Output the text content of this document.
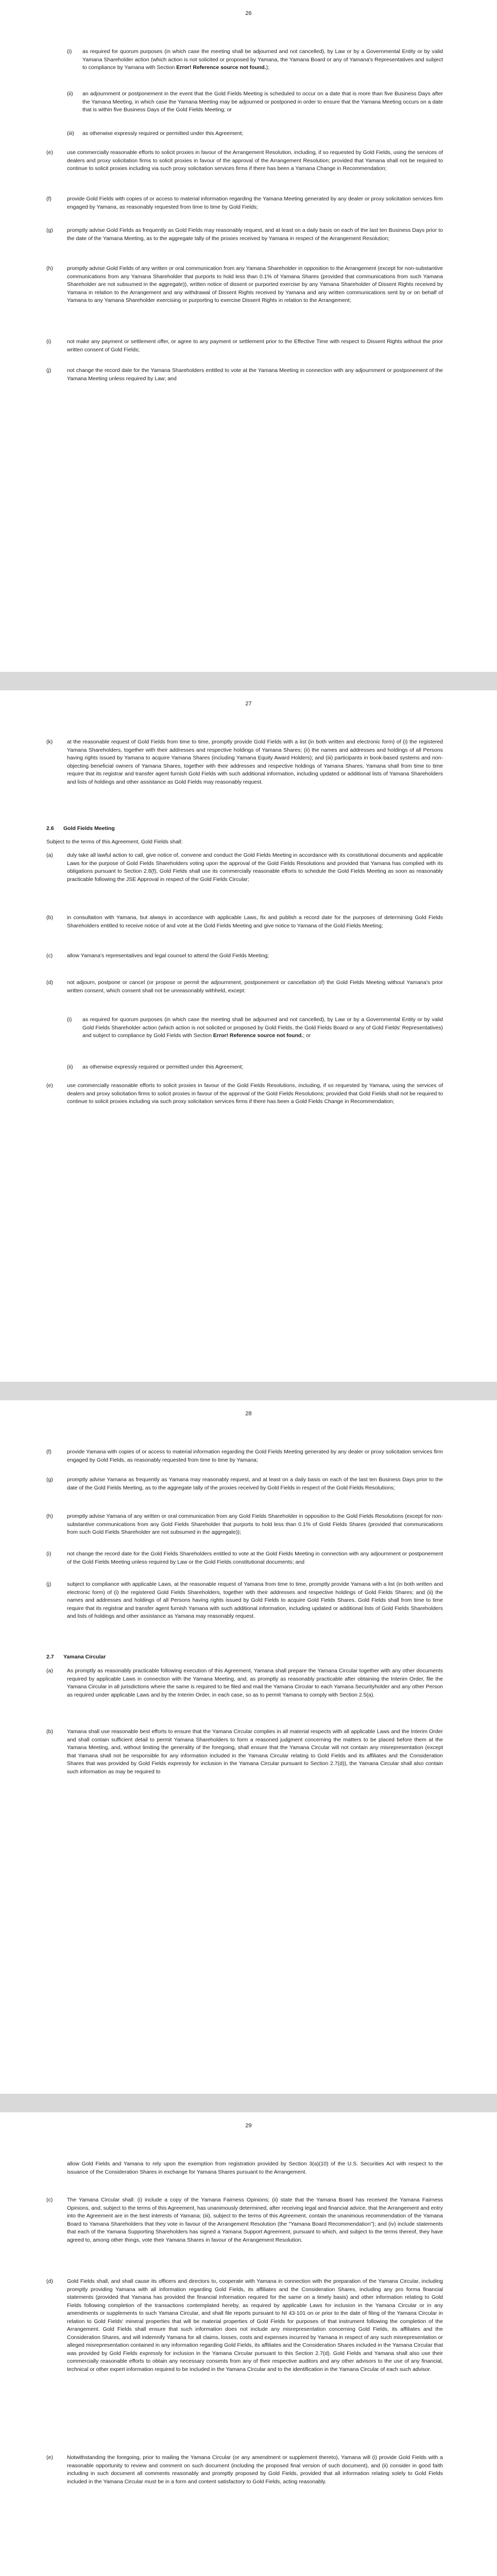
26
(i) as required for quorum purposes (in which case the meeting shall be adjourned and not cancelled), by Law or by a Governmental Entity or by valid Yamana Shareholder action (which action is not solicited or proposed by Yamana, the Yamana Board or any of Yamana's Representatives and subject to compliance by Yamana with Section Error! Reference source not found.);
(ii) an adjournment or postponement in the event that the Gold Fields Meeting is scheduled to occur on a date that is more than five Business Days after the Yamana Meeting, in which case the Yamana Meeting may be adjourned or postponed in order to ensure that the Yamana Meeting occurs on a date that is within five Business Days of the Gold Fields Meeting; or
(iii) as otherwise expressly required or permitted under this Agreement;
(e)	use commercially reasonable efforts to solicit proxies in favour of the Arrangement Resolution, including, if so requested by Gold Fields, using the services of dealers and proxy solicitation firms to solicit proxies in favour of the approval of the Arrangement Resolution; provided that Yamana shall not be required to continue to solicit proxies including via such proxy solicitation services firms if there has been a Yamana Change in Recommendation;
(f)	provide Gold Fields with copies of or access to material information regarding the Yamana Meeting generated by any dealer or proxy solicitation services firm engaged by Yamana, as reasonably requested from time to time by Gold Fields;
(g)	promptly advise Gold Fields as frequently as Gold Fields may reasonably request, and at least on a daily basis on each of the last ten Business Days prior to the date of the Yamana Meeting, as to the aggregate tally of the proxies received by Yamana in respect of the Arrangement Resolution;
(h)	promptly advise Gold Fields of any written or oral communication from any Yamana Shareholder in opposition to the Arrangement (except for non-substantive communications from any Yamana Shareholder that purports to hold less than 0.1% of Yamana Shares (provided that communications from such Yamana Shareholder are not subsumed in the aggregate)), written notice of dissent or purported exercise by any Yamana Shareholder of Dissent Rights received by Yamana in relation to the Arrangement and any withdrawal of Dissent Rights received by Yamana and any written communications sent by or on behalf of Yamana to any Yamana Shareholder exercising or purporting to exercise Dissent Rights in relation to the Arrangement;
(i)	not make any payment or settlement offer, or agree to any payment or settlement prior to the Effective Time with respect to Dissent Rights without the prior written consent of Gold Fields;
(j)	not change the record date for the Yamana Shareholders entitled to vote at the Yamana Meeting in connection with any adjournment or postponement of the Yamana Meeting unless required by Law; and
27
(k)	at the reasonable request of Gold Fields from time to time, promptly provide Gold Fields with a list (in both written and electronic form) of (i) the registered Yamana Shareholders, together with their addresses and respective holdings of Yamana Shares; (ii) the names and addresses and holdings of all Persons having rights issued by Yamana to acquire Yamana Shares (including Yamana Equity Award Holders); and (iii) participants in book-based systems and non-objecting beneficial owners of Yamana Shares, together with their addresses and respective holdings of Yamana Shares. Yamana shall from time to time require that its registrar and transfer agent furnish Gold Fields with such additional information, including updated or additional lists of Yamana Shareholders and lists of holdings and other assistance as Gold Fields may reasonably request.
2.6 Gold Fields Meeting
Subject to the terms of this Agreement, Gold Fields shall:
(a)	duly take all lawful action to call, give notice of, convene and conduct the Gold Fields Meeting in accordance with its constitutional documents and applicable Laws for the purpose of Gold Fields Shareholders voting upon the approval of the Gold Fields Resolutions and provided that Yamana has complied with its obligations pursuant to Section 2.8(f), Gold Fields shall use its commercially reasonable efforts to schedule the Gold Fields Meeting as soon as reasonably practicable following the JSE Approval in respect of the Gold Fields Circular;
(b)	in consultation with Yamana, but always in accordance with applicable Laws, fix and publish a record date for the purposes of determining Gold Fields Shareholders entitled to receive notice of and vote at the Gold Fields Meeting and give notice to Yamana of the Gold Fields Meeting;
(c)	allow Yamana's representatives and legal counsel to attend the Gold Fields Meeting;
(d)	not adjourn, postpone or cancel (or propose or permit the adjournment, postponement or cancellation of) the Gold Fields Meeting without Yamana's prior written consent, which consent shall not be unreasonably withheld, except:
(i) as required for quorum purposes (in which case the meeting shall be adjourned and not cancelled), by Law or by a Governmental Entity or by valid Gold Fields Shareholder action (which action is not solicited or proposed by Gold Fields, the Gold Fields Board or any of Gold Fields' Representatives) and subject to compliance by Gold Fields with Section Error! Reference source not found.; or
(ii) as otherwise expressly required or permitted under this Agreement;
(e)	use commercially reasonable efforts to solicit proxies in favour of the Gold Fields Resolutions, including, if so requested by Yamana, using the services of dealers and proxy solicitation firms to solicit proxies in favour of the approval of the Gold Fields Resolutions; provided that Gold Fields shall not be required to continue to solicit proxies including via such proxy solicitation services firms if there has been a Gold Fields Change in Recommendation;
28
(f)	provide Yamana with copies of or access to material information regarding the Gold Fields Meeting generated by any dealer or proxy solicitation services firm engaged by Gold Fields, as reasonably requested from time to time by Yamana;
(g)	promptly advise Yamana as frequently as Yamana may reasonably request, and at least on a daily basis on each of the last ten Business Days prior to the date of the Gold Fields Meeting, as to the aggregate tally of the proxies received by Gold Fields in respect of the Gold Fields Resolutions;
(h)	promptly advise Yamana of any written or oral communication from any Gold Fields Shareholder in opposition to the Gold Fields Resolutions (except for non-substantive communications from any Gold Fields Shareholder that purports to hold less than 0.1% of Gold Fields Shares (provided that communications from such Gold Fields Shareholder are not subsumed in the aggregate));
(i)	not change the record date for the Gold Fields Shareholders entitled to vote at the Gold Fields Meeting in connection with any adjournment or postponement of the Gold Fields Meeting unless required by Law or the Gold Fields constitutional documents; and
(j)	subject to compliance with applicable Laws, at the reasonable request of Yamana from time to time, promptly provide Yamana with a list (in both written and electronic form) of (i) the registered Gold Fields Shareholders, together with their addresses and respective holdings of Gold Fields Shares; and (ii) the names and addresses and holdings of all Persons having rights issued by Gold Fields to acquire Gold Fields Shares. Gold Fields shall from time to time require that its registrar and transfer agent furnish Yamana with such additional information, including updated or additional lists of Gold Fields Shareholders and lists of holdings and other assistance as Yamana may reasonably request.
2.7 Yamana Circular
(a)	As promptly as reasonably practicable following execution of this Agreement, Yamana shall prepare the Yamana Circular together with any other documents required by applicable Laws in connection with the Yamana Meeting, and, as promptly as reasonably practicable after obtaining the Interim Order, file the Yamana Circular in all jurisdictions where the same is required to be filed and mail the Yamana Circular to each Yamana Securityholder and any other Person as required under applicable Laws and by the Interim Order, in each case, so as to permit Yamana to comply with Section 2.5(a).
(b)	Yamana shall use reasonable best efforts to ensure that the Yamana Circular complies in all material respects with all applicable Laws and the Interim Order and shall contain sufficient detail to permit Yamana Shareholders to form a reasoned judgment concerning the matters to be placed before them at the Yamana Meeting, and, without limiting the generality of the foregoing, shall ensure that the Yamana Circular will not contain any misrepresentation (except that Yamana shall not be responsible for any information included in the Yamana Circular relating to Gold Fields and its affiliates and the Consideration Shares that was provided by Gold Fields expressly for inclusion in the Yamana Circular pursuant to Section 2.7(d)), the Yamana Circular shall also contain such information as may be required to
29
allow Gold Fields and Yamana to rely upon the exemption from registration provided by Section 3(a)(10) of the U.S. Securities Act with respect to the issuance of the Consideration Shares in exchange for Yamana Shares pursuant to the Arrangement.
(c)	The Yamana Circular shall: (i) include a copy of the Yamana Fairness Opinions; (ii) state that the Yamana Board has received the Yamana Fairness Opinions, and, subject to the terms of this Agreement, has unanimously determined, after receiving legal and financial advice, that the Arrangement and entry into the Agreement are in the best interests of Yamana; (iii), subject to the terms of this Agreement, contain the unanimous recommendation of the Yamana Board to Yamana Shareholders that they vote in favour of the Arrangement Resolution (the "Yamana Board Recommendation"); and (iv) include statements that each of the Yamana Supporting Shareholders has signed a Yamana Support Agreement, pursuant to which, and subject to the terms thereof, they have agreed to, among other things, vote their Yamana Shares in favour of the Arrangement Resolution.
(d)	Gold Fields shall, and shall cause its officers and directors to, cooperate with Yamana in connection with the preparation of the Yamana Circular, including promptly providing Yamana with all information regarding Gold Fields, its affiliates and the Consideration Shares, including any pro forma financial statements (provided that Yamana has provided the financial information required for the same on a timely basis) and other information relating to Gold Fields following completion of the transactions contemplated hereby, as required by applicable Laws for inclusion in the Yamana Circular or in any amendments or supplements to such Yamana Circular, and shall file reports pursuant to NI 43-101 on or prior to the date of filing of the Yamana Circular in relation to Gold Fields' mineral properties that will be material properties of Gold Fields for purposes of that instrument following the completion of the Arrangement. Gold Fields shall ensure that such information does not include any misrepresentation concerning Gold Fields, its affiliates and the Consideration Shares, and will indemnify Yamana for all claims, losses, costs and expenses incurred by Yamana in respect of any such misrepresentation or alleged misrepresentation contained in any information regarding Gold Fields, its affiliates and the Consideration Shares included in the Yamana Circular that was provided by Gold Fields expressly for inclusion in the Yamana Circular pursuant to this Section 2.7(d). Gold Fields and Yamana shall also use their commercially reasonable efforts to obtain any necessary consents from any of their respective auditors and any other advisors to the use of any financial, technical or other expert information required to be included in the Yamana Circular and to the identification in the Yamana Circular of each such advisor.
(e)	Notwithstanding the foregoing, prior to mailing the Yamana Circular (or any amendment or supplement thereto), Yamana will (i) provide Gold Fields with a reasonable opportunity to review and comment on such document (including the proposed final version of such document), and (ii) consider in good faith including in such document all comments reasonably and promptly proposed by Gold Fields, provided that all information relating solely to Gold Fields included in the Yamana Circular must be in a form and content satisfactory to Gold Fields, acting reasonably.
